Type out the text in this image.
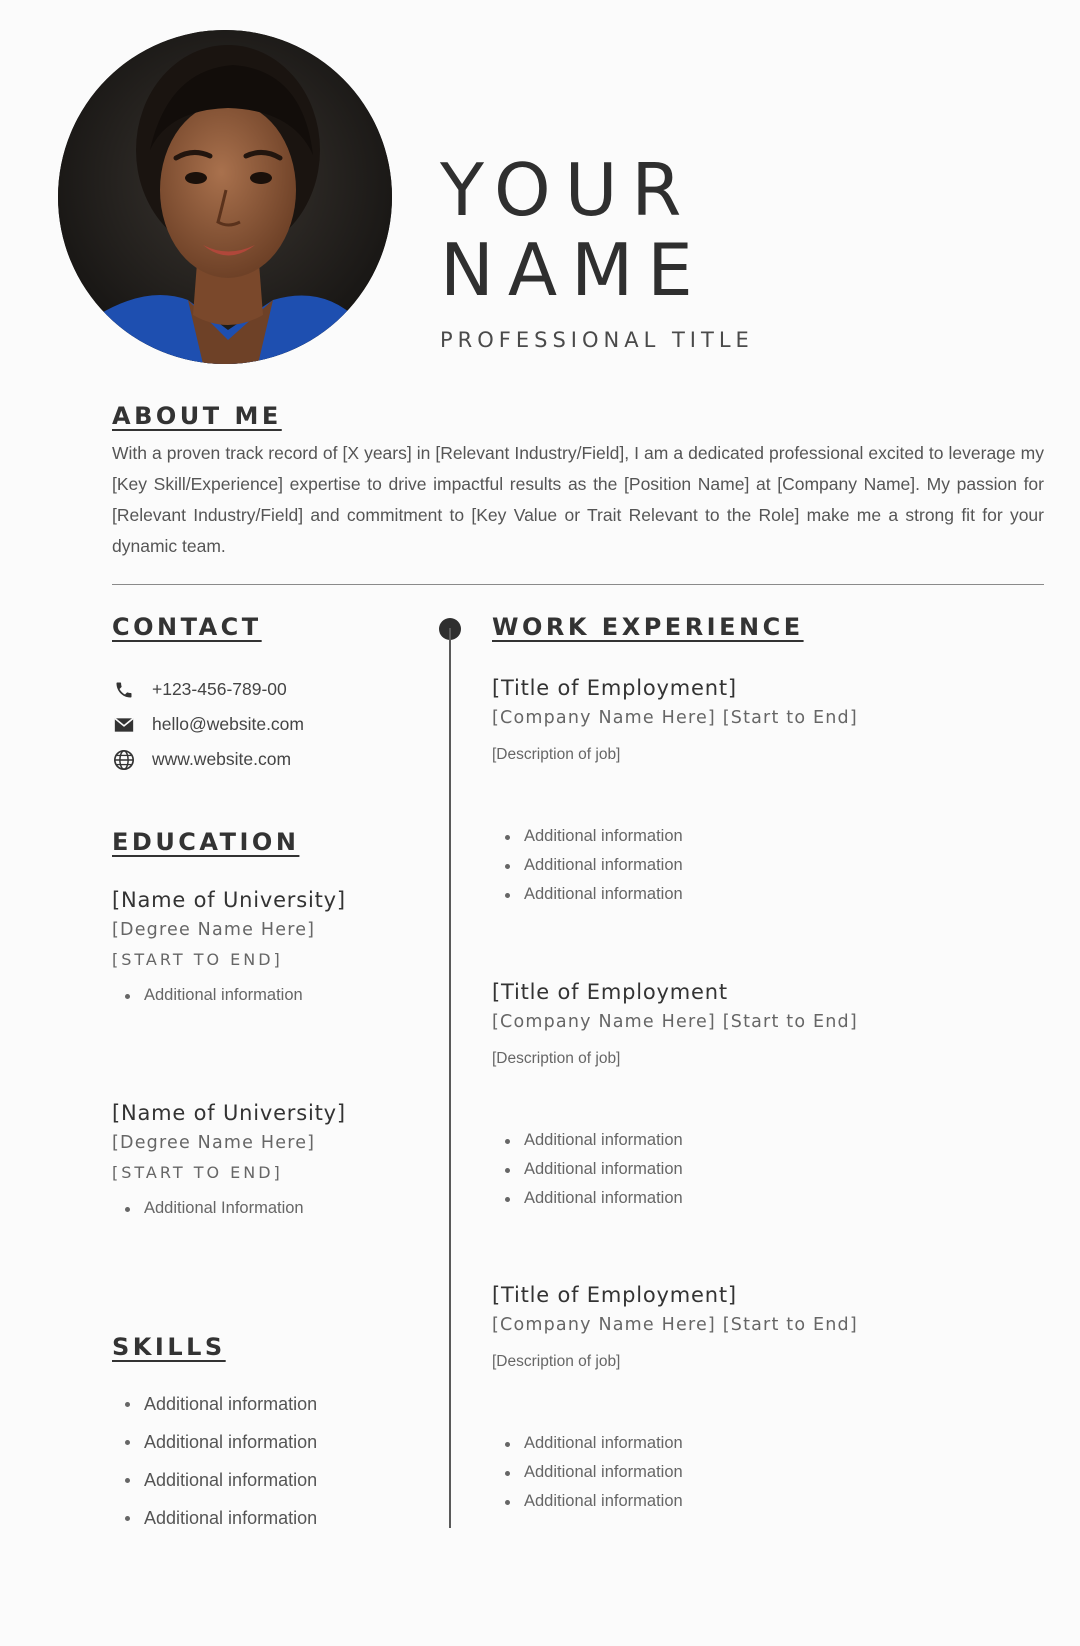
YOUR
NAME
PROFESSIONAL TITLE
ABOUT ME

With a proven track record of [X years] in [Relevant Industry/Field], I am a dedicated professional excited to leverage my [Key Skill/Experience] expertise to drive impactful results as the [Position Name] at [Company Name]. My passion for [Relevant Industry/Field] and commitment to [Key Value or Trait Relevant to the Role] make me a strong fit for your dynamic team.

CONTACT
+123-456-789-00
hello@website.com
www.website.com
EDUCATION
[Name of University]
[Degree Name Here]
[START TO END]
Additional information
[Name of University]
[Degree Name Here]
[START TO END]
Additional Information
SKILLS
Additional information
Additional information
Additional information
Additional information
WORK EXPERIENCE
[Title of Employment]
[Company Name Here] [Start to End]
[Description of job]
Additional information
Additional information
Additional information
[Title of Employment
[Company Name Here] [Start to End]
[Description of job]
Additional information
Additional information
Additional information
[Title of Employment]
[Company Name Here] [Start to End]
[Description of job]
Additional information
Additional information
Additional information
